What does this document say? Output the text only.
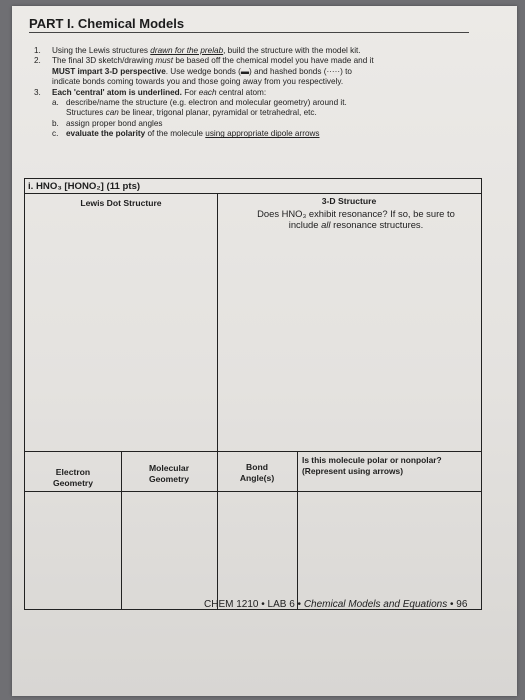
PART I. Chemical Models
1. Using the Lewis structures drawn for the prelab, build the structure with the model kit.
2. The final 3D sketch/drawing must be based off the chemical model you have made and it
MUST impart 3-D perspective. Use wedge bonds (▬) and hashed bonds (·····) to
indicate bonds coming towards you and those going away from you respectively.
3. Each 'central' atom is underlined. For each central atom:
a. describe/name the structure (e.g. electron and molecular geometry) around it.
Structures can be linear, trigonal planar, pyramidal or tetrahedral, etc.
b. assign proper bond angles
c. evaluate the polarity of the molecule using appropriate dipole arrows
i. HNO₃ [HONO₂] (11 pts)
Lewis Dot Structure	3-D Structure
Does HNO₃ exhibit resonance? If so, be sure to
include all resonance structures.
Electron
Geometry
Molecular
Geometry
Bond
Angle(s)
Is this molecule polar or nonpolar?
(Represent using arrows)
CHEM 1210 • LAB 6 • Chemical Models and Equations • 96
